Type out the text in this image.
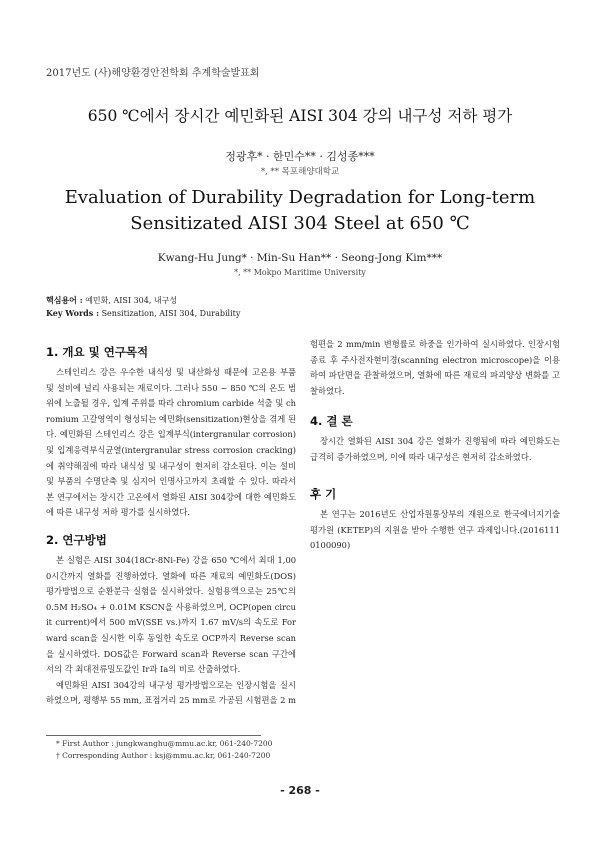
2017년도 (사)해양환경안전학회 추계학술발표회
650 ℃에서 장시간 예민화된 AISI 304 강의 내구성 저하 평가
정광후* · 한민수** · 김성종***
*, ** 목포해양대학교
Evaluation of Durability Degradation for Long-term Sensitizated AISI 304 Steel at 650 ℃
Kwang-Hu Jung* · Min-Su Han** · Seong-Jong Kim***
*, ** Mokpo Maritime University
핵심용어 : 예민화, AISI 304, 내구성
Key Words : Sensitization, AISI 304, Durability
1. 개요 및 연구목적

스테인리스 강은 우수한 내식성 및 내산화성 때문에 고온용 부품 및 설비에 널리 사용되는 재료이다. 그러나 550 ~ 850 ℃의 온도 범위에 노출될 경우, 입계 주위를 따라 chromium carbide 석출 및 chromium 고갈영역이 형성되는 예민화(sensitization)현상을 겪게 된다. 예민화된 스테인리스 강은 입계부식(intergranular corrosion) 및 입계응력부식균열(intergranular stress corrosion cracking)에 취약해짐에 따라 내식성 및 내구성이 현저히 감소된다. 이는 설비 및 부품의 수명단축 및 심지어 인명사고까지 초래할 수 있다. 따라서 본 연구에서는 장시간 고온에서 열화된 AISI 304강에 대한 예민화도에 따른 내구성 저하 평가를 실시하였다.

2. 연구방법

본 실험은 AISI 304(18Cr-8Ni-Fe) 강을 650 ℃에서 최대 1,000시간까지 열화를 진행하였다. 열화에 따른 재료의 예민화도(DOS) 평가방법으로 순환분극 실험을 실시하였다. 실험용액으로는 25℃의 0.5M H₂SO₄ + 0.01M KSCN을 사용하였으며, OCP(open circuit current)에서 500 mV(SSE vs.)까지 1.67 mV/s의 속도로 Forward scan을 실시한 이후 동일한 속도로 OCP까지 Reverse scan을 실시하였다. DOS값은 Forward scan과 Reverse scan 구간에서의 각 최대전류밀도값인 Ir과 Ia의 비로 산출하였다.

예민화된 AISI 304강의 내구성 평가방법으로는 인장시험을 실시하였으며, 평행부 55 mm, 표점거리 25 mm로 가공된 시험편을 2 m

험편을 2 mm/min 변형률로 하중을 인가하여 실시하였다. 인장시험 종료 후 주사전자현미경(scanning electron microscope)을 이용하여 파단면을 관찰하였으며, 열화에 따른 재료의 파괴양상 변화를 고찰하였다.

4. 결 론

장시간 열화된 AISI 304 강은 열화가 진행됨에 따라 예민화도는 급격히 증가하였으며, 이에 따라 내구성은 현저히 감소하였다.

후 기

본 연구는 2016년도 산업자원통상부의 재원으로 한국에너지기술평가원 (KETEP)의 지원을 받아 수행한 연구 과제입니다.(20161110100090)

* First Author : jungkwanghu@mmu.ac.kr, 061-240-7200
† Corresponding Author : ksj@mmu.ac.kr, 061-240-7200
- 268 -
